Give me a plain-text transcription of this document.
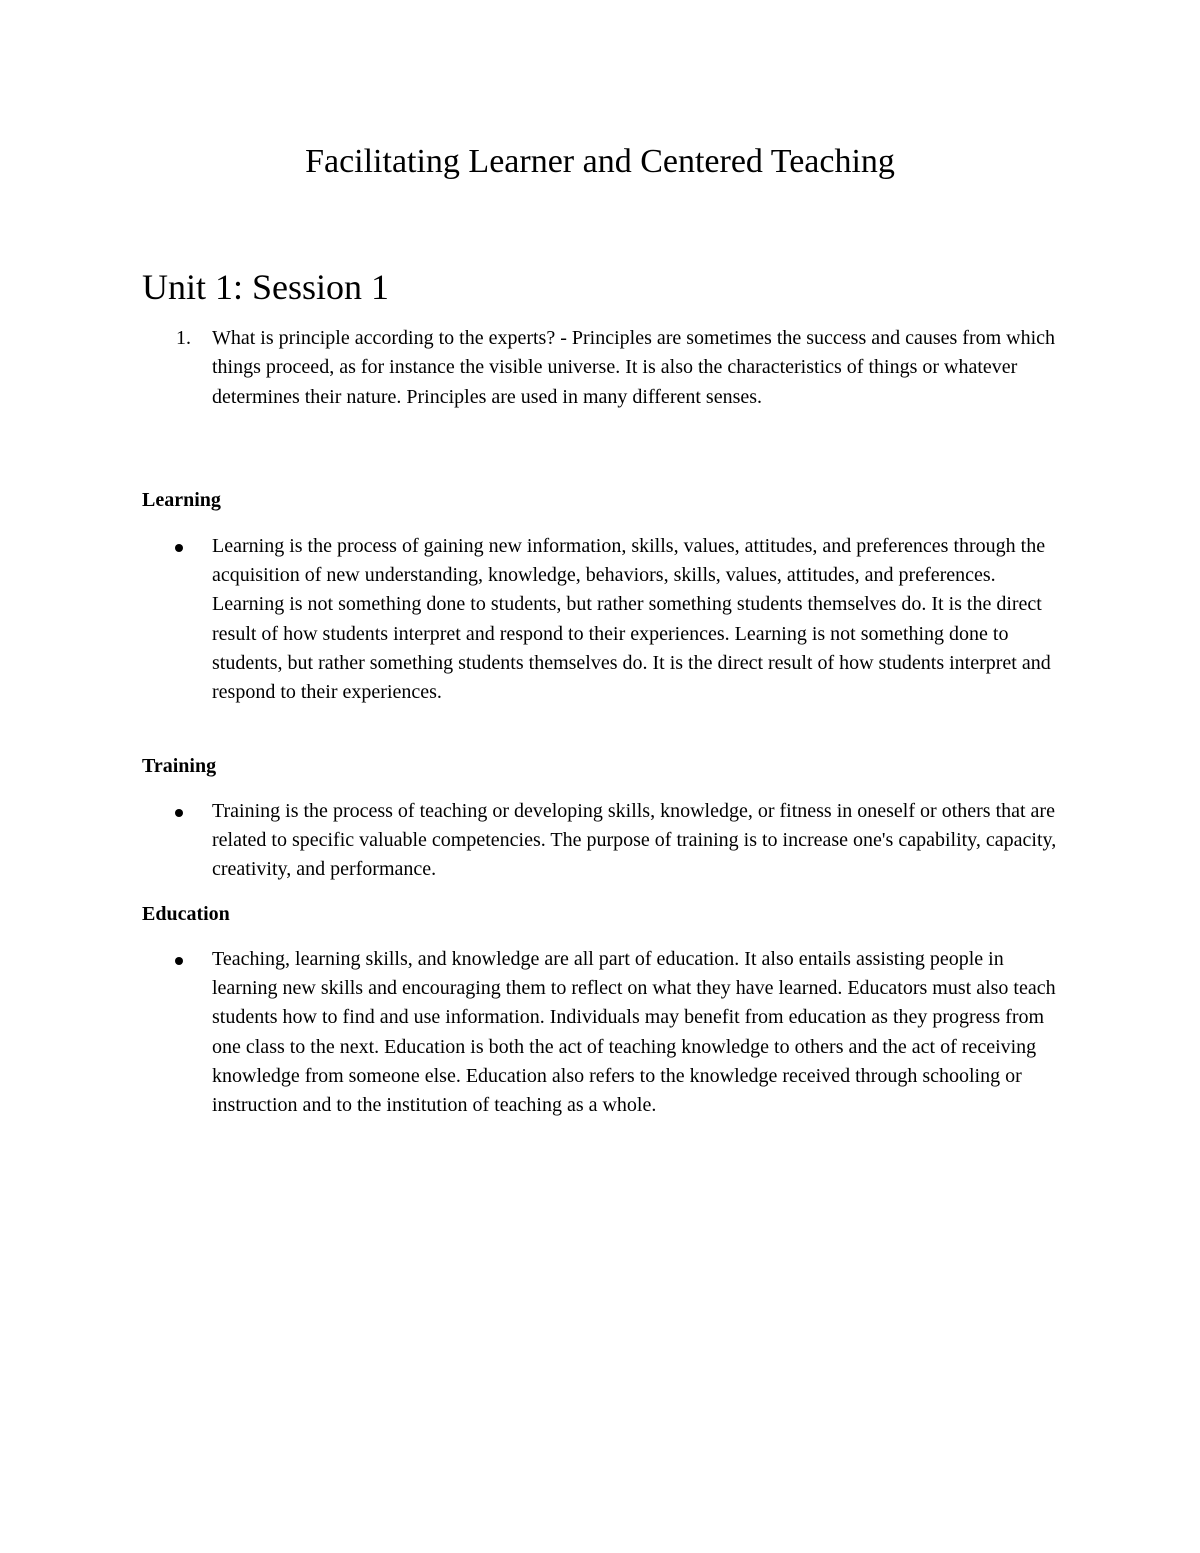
Facilitating Learner and Centered Teaching
Unit 1: Session 1
1. What is principle according to the experts? - Principles are sometimes the success and causes from which things proceed, as for instance the visible universe. It is also the characteristics of things or whatever determines their nature. Principles are used in many different senses.
Learning
Learning is the process of gaining new information, skills, values, attitudes, and preferences through the acquisition of new understanding, knowledge, behaviors, skills, values, attitudes, and preferences. Learning is not something done to students, but rather something students themselves do. It is the direct result of how students interpret and respond to their experiences. Learning is not something done to students, but rather something students themselves do. It is the direct result of how students interpret and respond to their experiences.
Training
Training is the process of teaching or developing skills, knowledge, or fitness in oneself or others that are related to specific valuable competencies. The purpose of training is to increase one's capability, capacity, creativity, and performance.
Education
Teaching, learning skills, and knowledge are all part of education. It also entails assisting people in learning new skills and encouraging them to reflect on what they have learned. Educators must also teach students how to find and use information. Individuals may benefit from education as they progress from one class to the next. Education is both the act of teaching knowledge to others and the act of receiving knowledge from someone else. Education also refers to the knowledge received through schooling or instruction and to the institution of teaching as a whole.
